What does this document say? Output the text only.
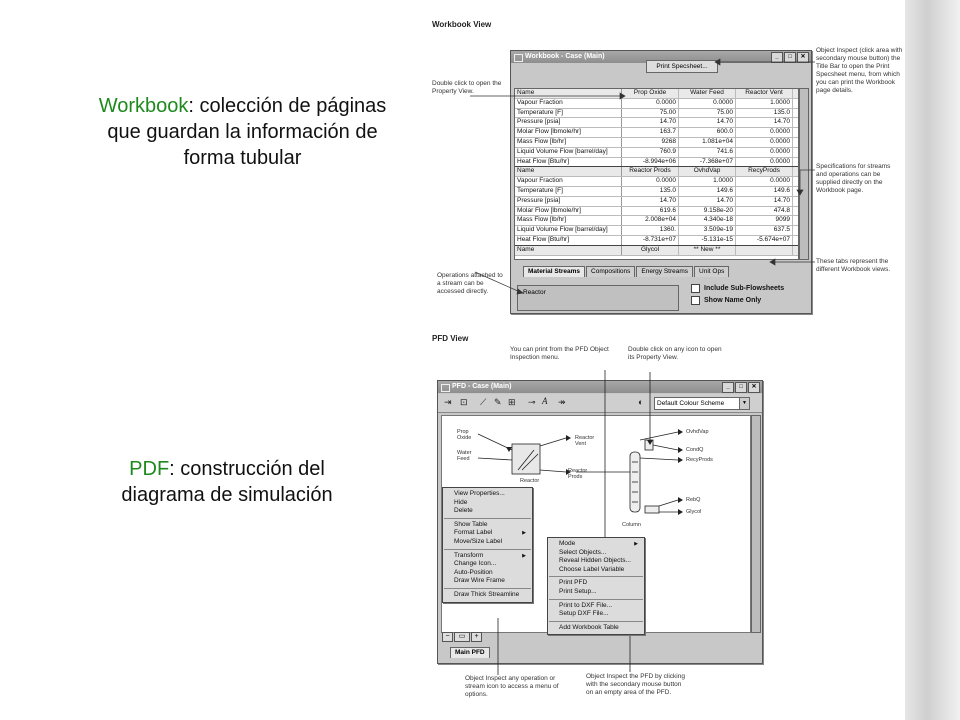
Workbook: colección de páginas que guardan la información de forma tubular
PDF: construcción del diagrama de simulación
Workbook View
Double click to open the Property View.
Object Inspect (click area with secondary mouse button) the Title Bar to open the Print Specsheet menu, from which you can print the Workbook page details.
Specifications for streams and operations can be supplied directly on the Workbook page.
These tabs represent the different Workbook views.
Operations attached to a stream can be accessed directly.
Workbook - Case (Main)	_	□	✕
Print Specsheet...
Name	Prop Oxide	Water Feed	Reactor Vent
Vapour Fraction	0.0000	0.0000	1.0000
Temperature [F]	75.00	75.00	135.0
Pressure [psia]	14.70	14.70	14.70
Molar Flow [lbmole/hr]	163.7	600.0	0.0000
Mass Flow [lb/hr]	9268	1.081e+04	0.0000
Liquid Volume Flow [barrel/day]	760.9	741.6	0.0000
Heat Flow [Btu/hr]	-8.994e+06	-7.368e+07	0.0000
Name	Reactor Prods	OvhdVap	RecyProds
Vapour Fraction	0.0000	1.0000	0.0000
Temperature [F]	135.0	149.6	149.6
Pressure [psia]	14.70	14.70	14.70
Molar Flow [lbmole/hr]	619.6	9.158e-20	474.8
Mass Flow [lb/hr]	2.008e+04	4.340e-18	9099
Liquid Volume Flow [barrel/day]	1360.	3.509e-19	637.5
Heat Flow [Btu/hr]	-8.731e+07	-5.131e-15	-5.674e+07
Name	Glycol	** New **
Material Streams	Compositions	Energy Streams	Unit Ops
Reactor
Include Sub-Flowsheets
Show Name Only
PFD View
You can print from the PFD Object Inspection menu.
Double click on any icon to open its Property View.
Object Inspect any operation or stream icon to access a menu of options.
Object Inspect the PFD by clicking with the secondary mouse button on an empty area of the PFD.
PFD - Case (Main)	_	□	✕
⇥ ⊡ ⟋ ✎ ⊞ ⊸ A ↠	◐	Default Colour Scheme	▼
−	▭	+
Main PFD
Prop Oxide
Water Feed
Reactor Vent
Reactor Prods
Reactor
OvhdVap
CondQ
RecyProds
RebQ
Glycol
Column
View Properties...
Hide
Delete
Show Table
Format Label	▶
Move/Size Label
Transform	▶
Change Icon...
Auto-Position
Draw Wire Frame
Draw Thick Streamline
Mode	▶
Select Objects...
Reveal Hidden Objects...
Choose Label Variable
Print PFD
Print Setup...
Print to DXF File...
Setup DXF File...
Add Workbook Table
